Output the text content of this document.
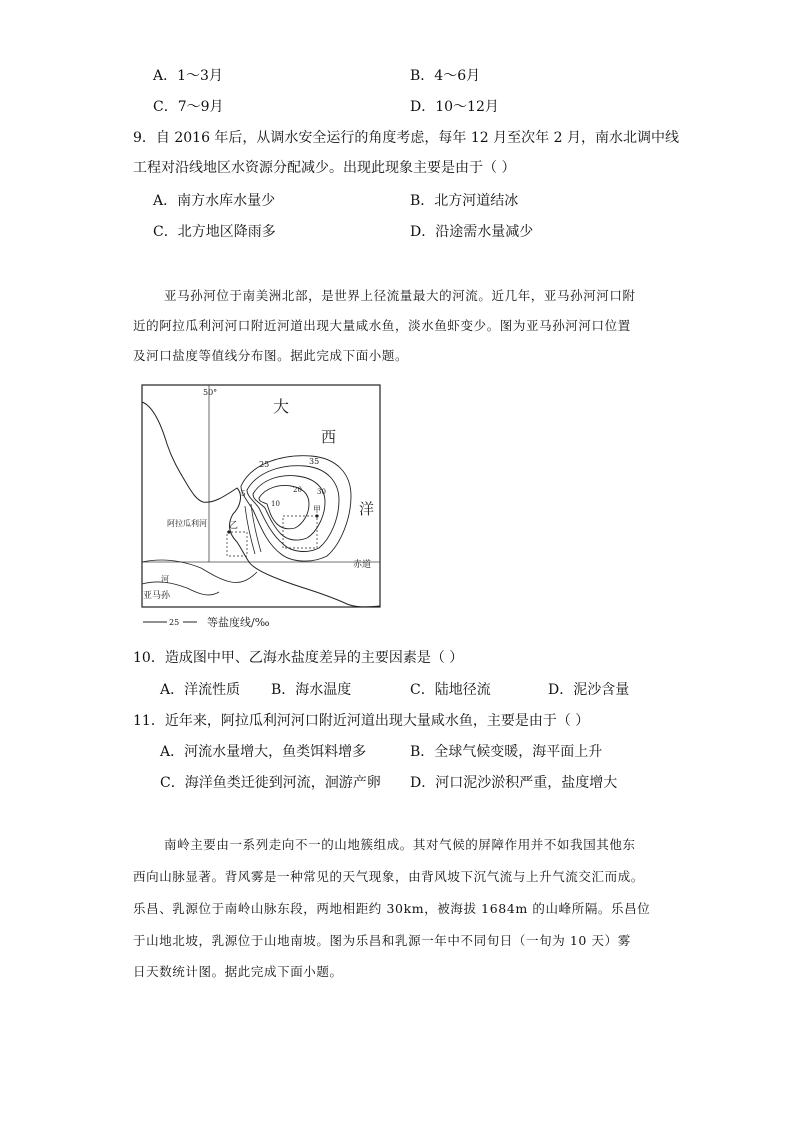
A．1～3月	B．4～6月
C．7～9月	D．10～12月
9．自 2016 年后，从调水安全运行的角度考虑，每年 12 月至次年 2 月，南水北调中线
工程对沿线地区水资源分配减少。出现此现象主要是由于（ ）
A．南方水库水量少	B．北方河道结冰
C．北方地区降雨多	D．沿途需水量减少
亚马孙河位于南美洲北部，是世界上径流量最大的河流。近几年，亚马孙河河口附
近的阿拉瓜利河河口附近河道出现大量咸水鱼，淡水鱼虾变少。图为亚马孙河河口位置
及河口盐度等值线分布图。据此完成下面小题。
50°
赤道
35
25
30
20
5
10
甲
乙
大
西
洋
阿拉瓜利河
河
亚马孙
25	等盐度线/‰
10．造成图中甲、乙海水盐度差异的主要因素是（ ）
A．洋流性质 B．海水温度	C．陆地径流	D．泥沙含量
11．近年来，阿拉瓜利河河口附近河道出现大量咸水鱼，主要是由于（ ）
A．河流水量增大，鱼类饵料增多	B．全球气候变暖，海平面上升
C．海洋鱼类迁徙到河流，洄游产卵 D．河口泥沙淤积严重，盐度增大
南岭主要由一系列走向不一的山地簇组成。其对气候的屏障作用并不如我国其他东
西向山脉显著。背风雾是一种常见的天气现象，由背风坡下沉气流与上升气流交汇而成。
乐昌、乳源位于南岭山脉东段，两地相距约 30km，被海拔 1684m 的山峰所隔。乐昌位
于山地北坡，乳源位于山地南坡。图为乐昌和乳源一年中不同旬日（一旬为 10 天）雾
日天数统计图。据此完成下面小题。
